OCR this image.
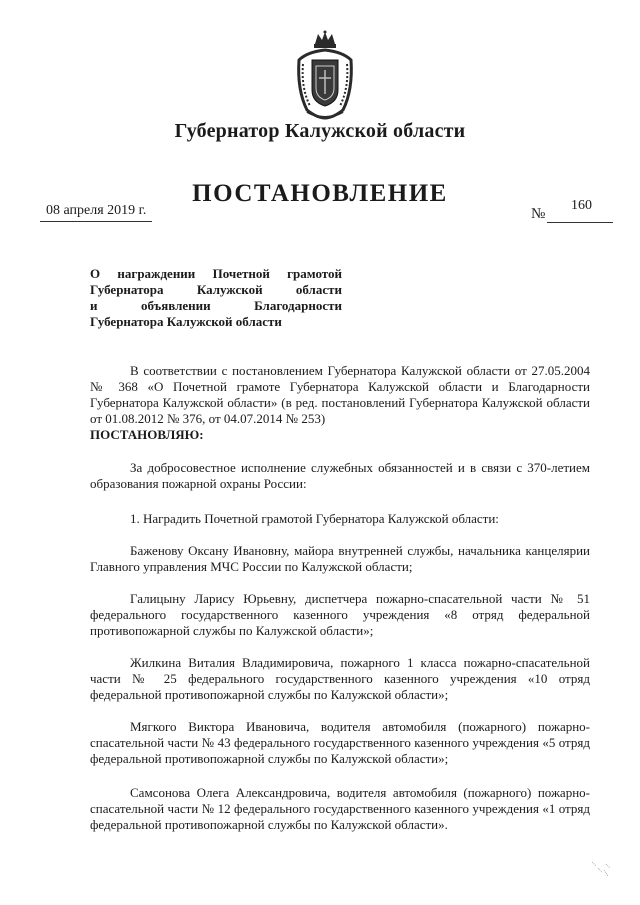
Губернатор Калужской области
ПОСТАНОВЛЕНИЕ
08 апреля 2019 г.	№
160
О награждении Почетной грамотой
Губернатора Калужской области
и объявлении Благодарности
Губернатора Калужской области

В соответствии с постановлением Губернатора Калужской области от 27.05.2004 № 368 «О Почетной грамоте Губернатора Калужской области и Благодарности Губернатора Калужской области» (в ред. постановлений Губернатора Калужской области от 01.08.2012 № 376, от 04.07.2014 № 253)

ПОСТАНОВЛЯЮ:

За добросовестное исполнение служебных обязанностей и в связи с 370-летием образования пожарной охраны России:

1. Наградить Почетной грамотой Губернатора Калужской области:

Баженову Оксану Ивановну, майора внутренней службы, начальника канцелярии Главного управления МЧС России по Калужской области;

Галицыну Ларису Юрьевну, диспетчера пожарно-спасательной части № 51 федерального государственного казенного учреждения «8 отряд федеральной противопожарной службы по Калужской области»;

Жилкина Виталия Владимировича, пожарного 1 класса пожарно-спасательной части № 25 федерального государственного казенного учреждения «10 отряд федеральной противопожарной службы по Калужской области»;

Мягкого Виктора Ивановича, водителя автомобиля (пожарного) пожарно-спасательной части № 43 федерального государственного казенного учреждения «5 отряд федеральной противопожарной службы по Калужской области»;

Самсонова Олега Александровича, водителя автомобиля (пожарного) пожарно-спасательной части № 12 федерального государственного казенного учреждения «1 отряд федеральной противопожарной службы по Калужской области».
